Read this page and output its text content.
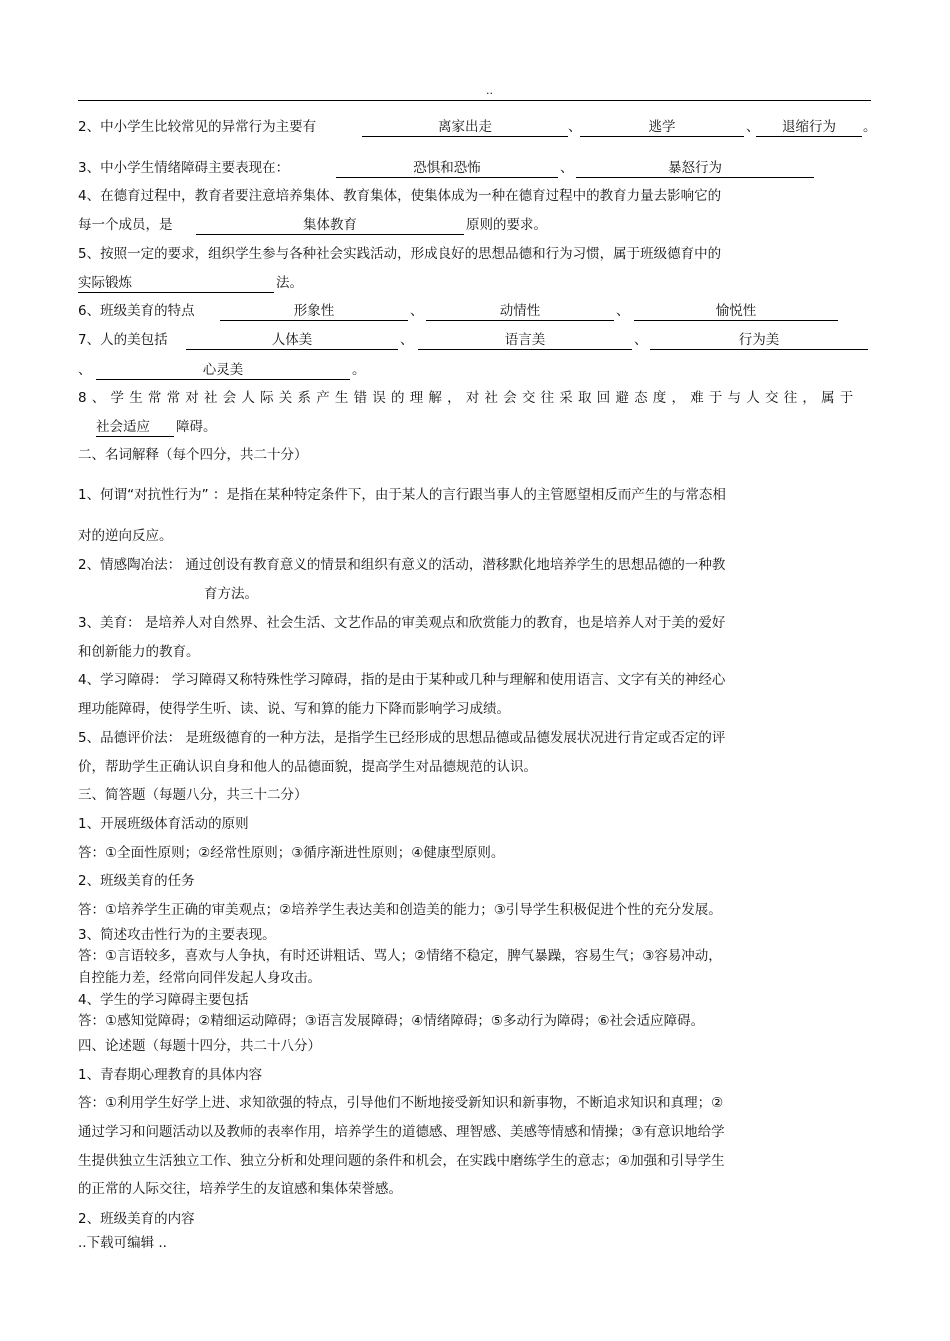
..
2、中小学生比较常见的异常行为主要有	离家出走	、	逃学	、	退缩行为	。
3、中小学生情绪障碍主要表现在：	恐惧和恐怖	、	暴怒行为
4、在德育过程中，教育者要注意培养集体、教育集体，使集体成为一种在德育过程中的教育力量去影响它的
每一个成员，是	集体教育	原则的要求。
5、按照一定的要求，组织学生参与各种社会实践活动，形成良好的思想品德和行为习惯，属于班级德育中的
实际锻炼	法。
6、班级美育的特点	形象性	、	动情性	、	愉悦性
7、人的美包括	人体美	、	语言美	、	行为美
、	心灵美	。
8、学生常常对社会人际关系产生错误的理解，对社会交往采取回避态度，难于与人交往，属于
社会适应	障碍。
二、名词解释（每个四分，共二十分）
1、何谓“对抗性行为” ：是指在某种特定条件下，由于某人的言行跟当事人的主管愿望相反而产生的与常态相
对的逆向反应。
2、情感陶冶法： 通过创设有教育意义的情景和组织有意义的活动，潜移默化地培养学生的思想品德的一种教
育方法。
3、美育： 是培养人对自然界、社会生活、文艺作品的审美观点和欣赏能力的教育，也是培养人对于美的爱好
和创新能力的教育。
4、学习障碍： 学习障碍又称特殊性学习障碍，指的是由于某种或几种与理解和使用语言、文字有关的神经心
理功能障碍，使得学生听、读、说、写和算的能力下降而影响学习成绩。
5、品德评价法： 是班级德育的一种方法，是指学生已经形成的思想品德或品德发展状况进行肯定或否定的评
价，帮助学生正确认识自身和他人的品德面貌，提高学生对品德规范的认识。
三、简答题（每题八分，共三十二分）
1、开展班级体育活动的原则
答：①全面性原则；②经常性原则；③循序渐进性原则；④健康型原则。
2、班级美育的任务
答：①培养学生正确的审美观点；②培养学生表达美和创造美的能力；③引导学生积极促进个性的充分发展。
3、简述攻击性行为的主要表现。
答：①言语较多，喜欢与人争执，有时还讲粗话、骂人；②情绪不稳定，脾气暴躁，容易生气；③容易冲动，
自控能力差，经常向同伴发起人身攻击。
4、学生的学习障碍主要包括
答：①感知觉障碍；②精细运动障碍；③语言发展障碍；④情绪障碍；⑤多动行为障碍；⑥社会适应障碍。
四、论述题（每题十四分，共二十八分）
1、青春期心理教育的具体内容
答：①利用学生好学上进、求知欲强的特点，引导他们不断地接受新知识和新事物，不断追求知识和真理；②
通过学习和问题活动以及教师的表率作用，培养学生的道德感、理智感、美感等情感和情操；③有意识地给学
生提供独立生活独立工作、独立分析和处理问题的条件和机会，在实践中磨练学生的意志；④加强和引导学生
的正常的人际交往，培养学生的友谊感和集体荣誉感。
2、班级美育的内容
..下载可编辑 ..
